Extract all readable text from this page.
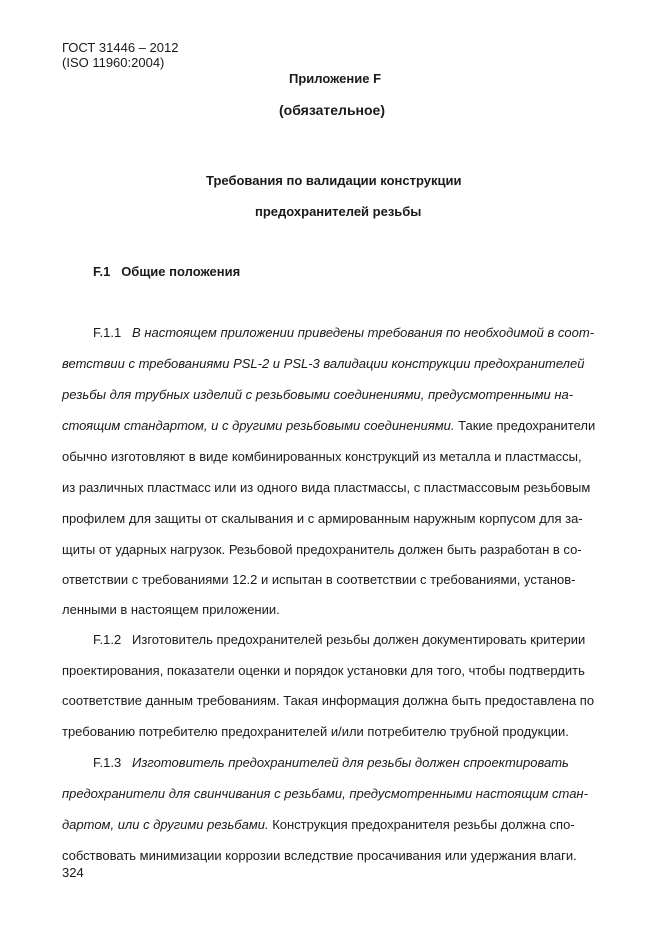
ГОСТ 31446 – 2012
(ISO 11960:2004)
Приложение F
(обязательное)
Требования по валидации конструкции
предохранителей резьбы
F.1 Общие положения
F.1.1 В настоящем приложении приведены требования по необходимой в соот-
ветствии с требованиями PSL-2 и PSL-3 валидации конструкции предохранителей
резьбы для трубных изделий с резьбовыми соединениями, предусмотренными на-
стоящим стандартом, и с другими резьбовыми соединениями. Такие предохранители
обычно изготовляют в виде комбинированных конструкций из металла и пластмассы,
из различных пластмасс или из одного вида пластмассы, с пластмассовым резьбовым
профилем для защиты от скалывания и с армированным наружным корпусом для за-
щиты от ударных нагрузок. Резьбовой предохранитель должен быть разработан в со-
ответствии с требованиями 12.2 и испытан в соответствии с требованиями, установ-
ленными в настоящем приложении.
F.1.2 Изготовитель предохранителей резьбы должен документировать критерии
проектирования, показатели оценки и порядок установки для того, чтобы подтвердить
соответствие данным требованиям. Такая информация должна быть предоставлена по
требованию потребителю предохранителей и/или потребителю трубной продукции.
F.1.3 Изготовитель предохранителей для резьбы должен спроектировать
предохранители для свинчивания с резьбами, предусмотренными настоящим стан-
дартом, или с другими резьбами. Конструкция предохранителя резьбы должна спо-
собствовать минимизации коррозии вследствие просачивания или удержания влаги.
324
